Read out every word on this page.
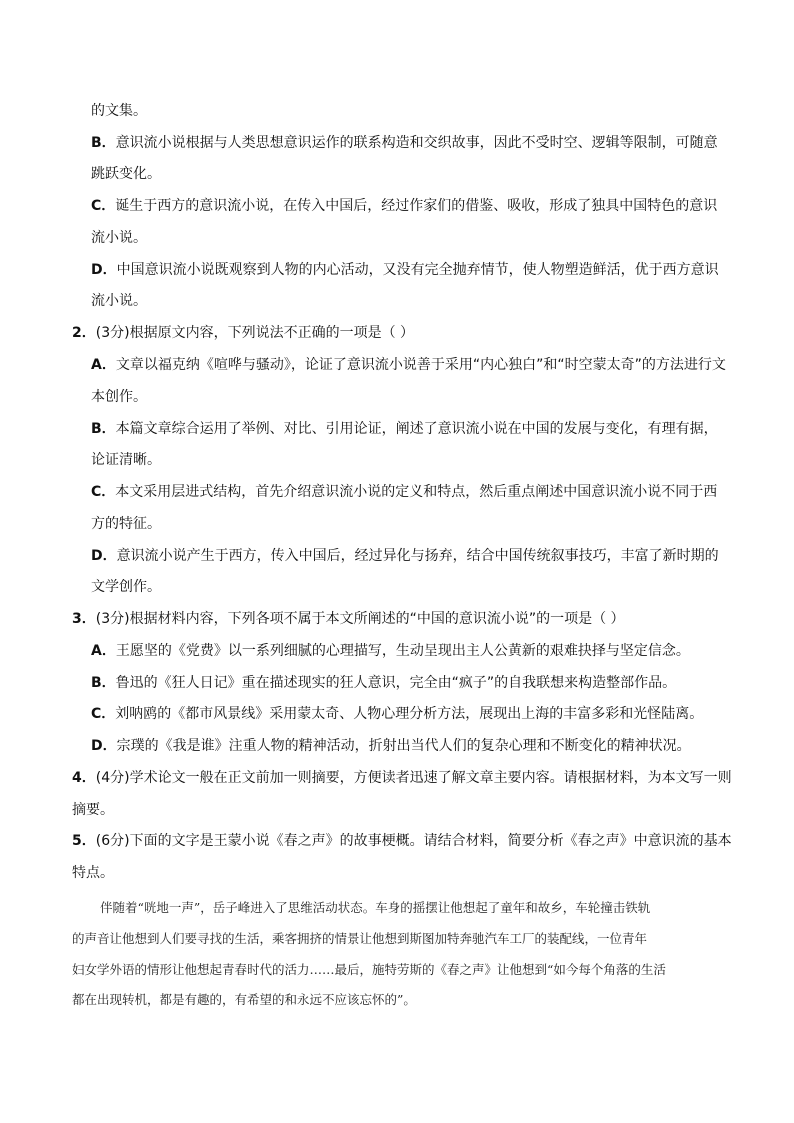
的文集。
B．意识流小说根据与人类思想意识运作的联系构造和交织故事，因此不受时空、逻辑等限制，可随意
跳跃变化。
C．诞生于西方的意识流小说，在传入中国后，经过作家们的借鉴、吸收，形成了独具中国特色的意识
流小说。
D．中国意识流小说既观察到人物的内心活动，又没有完全抛弃情节，使人物塑造鲜活，优于西方意识
流小说。
2．(3分)根据原文内容，下列说法不正确的一项是（ ）
A．文章以福克纳《喧哗与骚动》，论证了意识流小说善于采用“内心独白”和“时空蒙太奇”的方法进行文
本创作。
B．本篇文章综合运用了举例、对比、引用论证，阐述了意识流小说在中国的发展与变化，有理有据，
论证清晰。
C．本文采用层进式结构，首先介绍意识流小说的定义和特点，然后重点阐述中国意识流小说不同于西
方的特征。
D．意识流小说产生于西方，传入中国后，经过异化与扬弃，结合中国传统叙事技巧，丰富了新时期的
文学创作。
3．(3分)根据材料内容，下列各项不属于本文所阐述的“中国的意识流小说”的一项是（ ）
A．王愿坚的《党费》以一系列细腻的心理描写，生动呈现出主人公黄新的艰难抉择与坚定信念。
B．鲁迅的《狂人日记》重在描述现实的狂人意识，完全由“疯子”的自我联想来构造整部作品。
C．刘呐鸥的《都市风景线》采用蒙太奇、人物心理分析方法，展现出上海的丰富多彩和光怪陆离。
D．宗璞的《我是谁》注重人物的精神活动，折射出当代人们的复杂心理和不断变化的精神状况。
4．(4分)学术论文一般在正文前加一则摘要，方便读者迅速了解文章主要内容。请根据材料，为本文写一则
摘要。
5．(6分)下面的文字是王蒙小说《春之声》的故事梗概。请结合材料，简要分析《春之声》中意识流的基本
特点。
伴随着“咣地一声”，岳子峰进入了思维活动状态。车身的摇摆让他想起了童年和故乡，车轮撞击铁轨
的声音让他想到人们要寻找的生活，乘客拥挤的情景让他想到斯图加特奔驰汽车工厂的装配线，一位青年
妇女学外语的情形让他想起青春时代的活力……最后，施特劳斯的《春之声》让他想到“如今每个角落的生活
都在出现转机，都是有趣的，有希望的和永远不应该忘怀的”。
